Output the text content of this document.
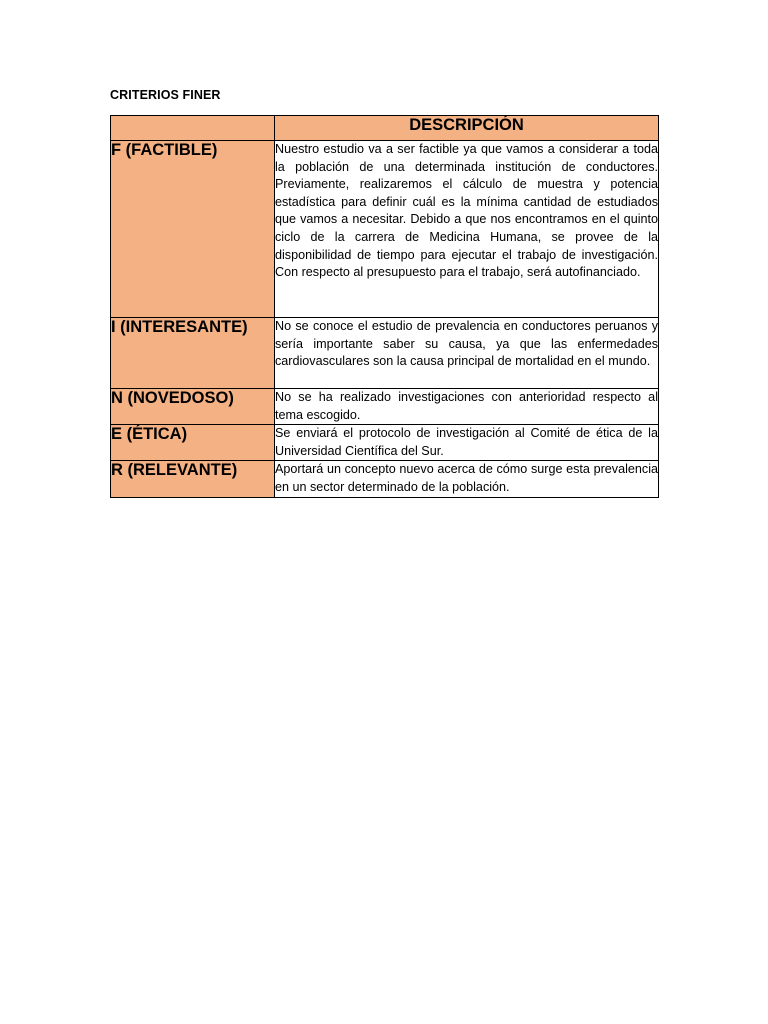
CRITERIOS FINER
	DESCRIPCIÓN
F (FACTIBLE)	Nuestro estudio va a ser factible ya que vamos a considerar a toda la población de una determinada institución de conductores. Previamente, realizaremos el cálculo de muestra y potencia estadística para definir cuál es la mínima cantidad de estudiados que vamos a necesitar. Debido a que nos encontramos en el quinto ciclo de la carrera de Medicina Humana, se provee de la disponibilidad de tiempo para ejecutar el trabajo de investigación. Con respecto al presupuesto para el trabajo, será autofinanciado.
I (INTERESANTE)	No se conoce el estudio de prevalencia en conductores peruanos y sería importante saber su causa, ya que las enfermedades cardiovasculares son la causa principal de mortalidad en el mundo.
N (NOVEDOSO)	No se ha realizado investigaciones con anterioridad respecto al tema escogido.
E (ÉTICA)	Se enviará el protocolo de investigación al Comité de ética de la Universidad Científica del Sur.
R (RELEVANTE)	Aportará un concepto nuevo acerca de cómo surge esta prevalencia en un sector determinado de la población.
